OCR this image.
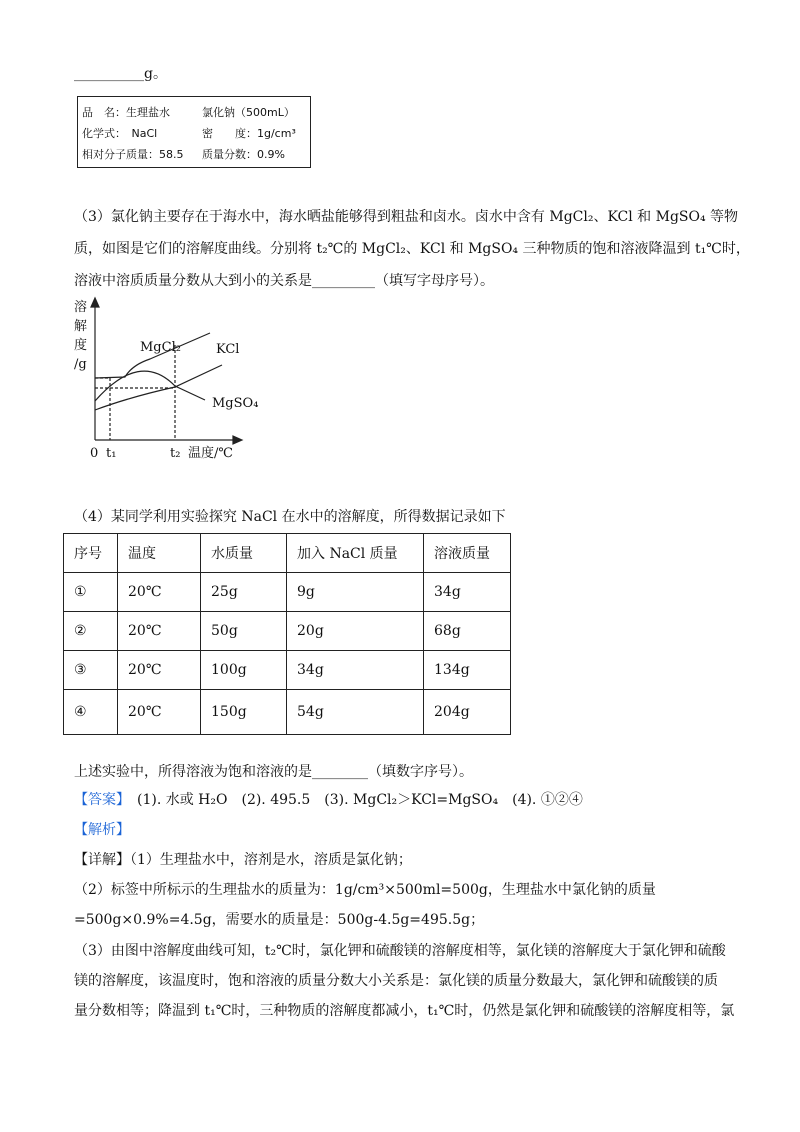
__________g。
品　名：生理盐水	氯化钠（500mL）
化学式：　NaCl	密　　度：1g/cm³
相对分子质量：58.5 质量分数：0.9%
（3）氯化钠主要存在于海水中，海水晒盐能够得到粗盐和卤水。卤水中含有 MgCl₂、KCl 和 MgSO₄ 等物
质，如图是它们的溶解度曲线。分别将 t₂℃的 MgCl₂、KCl 和 MgSO₄ 三种物质的饱和溶液降温到 t₁℃时，
溶液中溶质质量分数从大到小的关系是_________（填写字母序号）。
溶
解
度
/g
0 t₁	t₂ 温度/℃
MgCl₂	KCl
MgSO₄
（4）某同学利用实验探究 NaCl 在水中的溶解度，所得数据记录如下
序号	温度	水质量	加入 NaCl 质量	溶液质量
①	20℃	25g	9g	34g
②	20℃	50g	20g	68g
③	20℃	100g	34g	134g
④	20℃	150g	54g	204g
上述实验中，所得溶液为饱和溶液的是________（填数字序号）。
【答案】　 (1). 水或 H₂O　(2). 495.5　(3). MgCl₂＞KCl=MgSO₄　(4). ①②④
【解析】
【详解】（1）生理盐水中，溶剂是水，溶质是氯化钠；
（2）标签中所标示的生理盐水的质量为：1g/cm³×500ml=500g，生理盐水中氯化钠的质量
=500g×0.9%=4.5g，需要水的质量是：500g-4.5g=495.5g；
（3）由图中溶解度曲线可知，t₂℃时，氯化钾和硫酸镁的溶解度相等，氯化镁的溶解度大于氯化钾和硫酸
镁的溶解度，该温度时，饱和溶液的质量分数大小关系是：氯化镁的质量分数最大，氯化钾和硫酸镁的质
量分数相等；降温到 t₁℃时，三种物质的溶解度都减小，t₁℃时，仍然是氯化钾和硫酸镁的溶解度相等，氯
